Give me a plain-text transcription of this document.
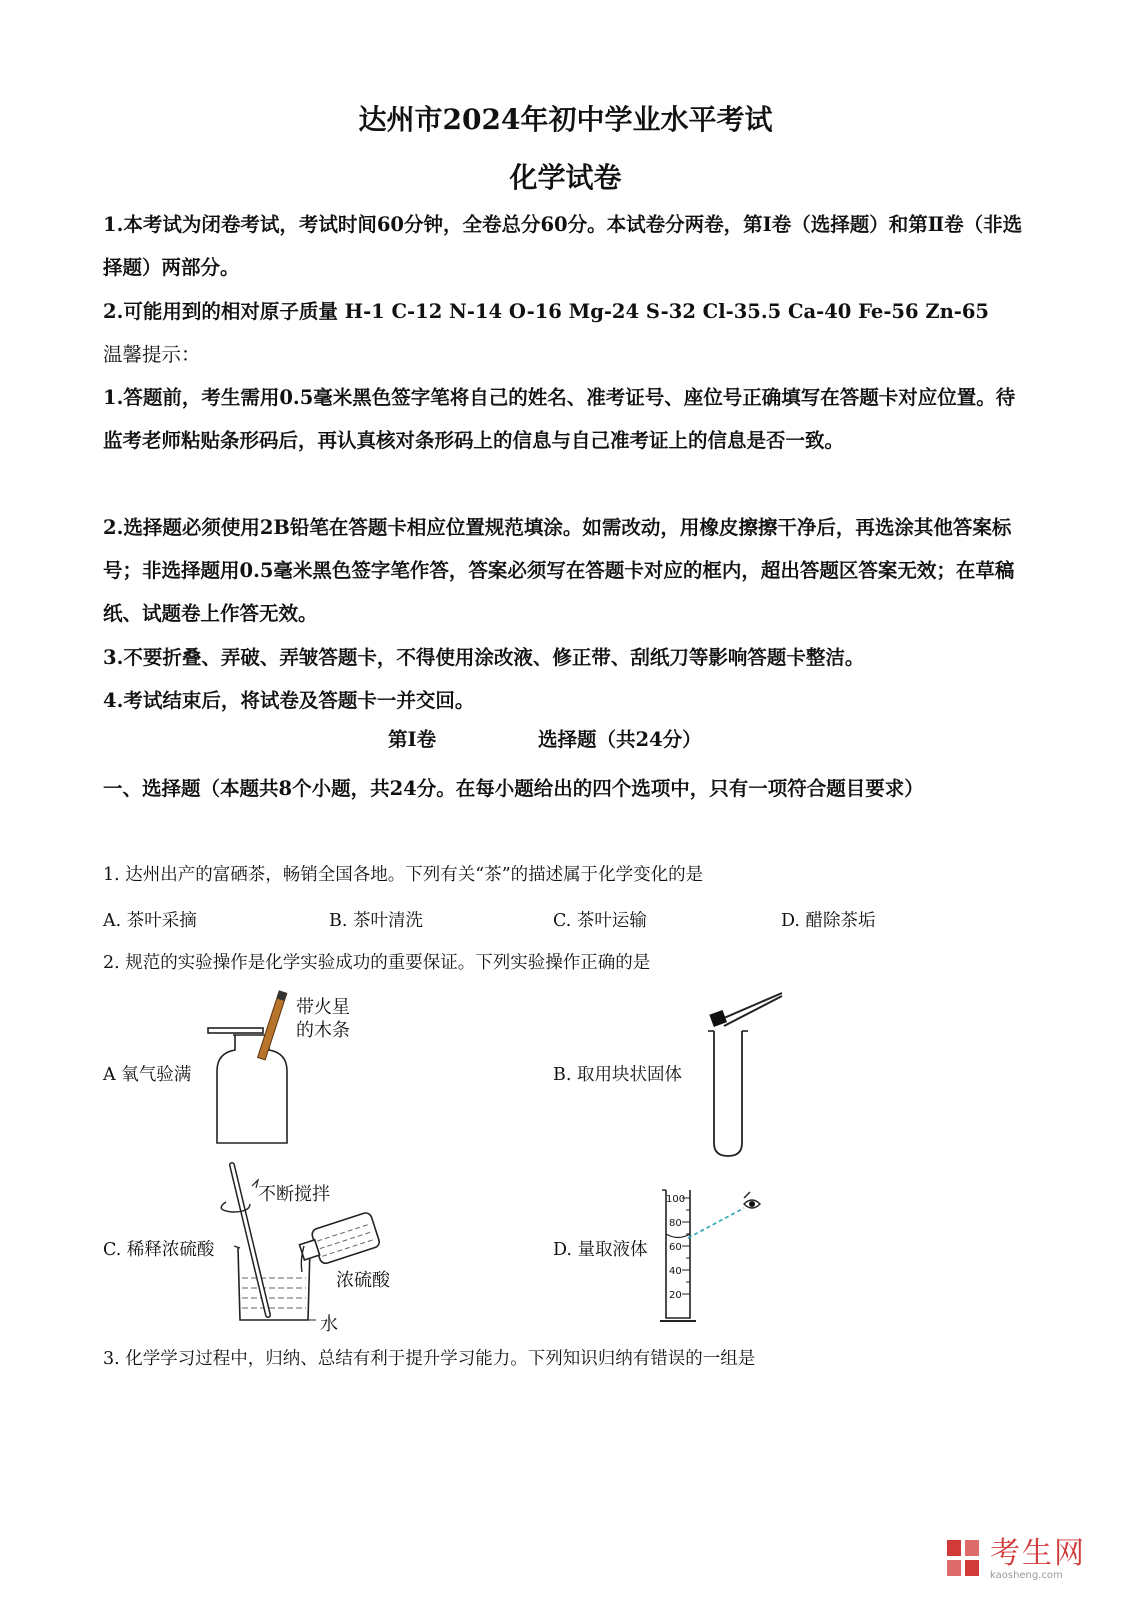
达州市2024年初中学业水平考试
化学试卷
1.本考试为闭卷考试，考试时间60分钟，全卷总分60分。本试卷分两卷，第I卷（选择题）和第Ⅱ卷（非选择题）两部分。
2.可能用到的相对原子质量 H-1 C-12 N-14 O-16 Mg-24 S-32 Cl-35.5 Ca-40 Fe-56 Zn-65
温馨提示：
1.答题前，考生需用0.5毫米黑色签字笔将自己的姓名、准考证号、座位号正确填写在答题卡对应位置。待监考老师粘贴条形码后，再认真核对条形码上的信息与自己准考证上的信息是否一致。
2.选择题必须使用2B铅笔在答题卡相应位置规范填涂。如需改动，用橡皮擦擦干净后，再选涂其他答案标号；非选择题用0.5毫米黑色签字笔作答，答案必须写在答题卡对应的框内，超出答题区答案无效；在草稿纸、试题卷上作答无效。
3.不要折叠、弄破、弄皱答题卡，不得使用涂改液、修正带、刮纸刀等影响答题卡整洁。
4.考试结束后，将试卷及答题卡一并交回。
第I卷	选择题（共24分）
一、选择题（本题共8个小题，共24分。在每小题给出的四个选项中，只有一项符合题目要求）
1. 达州出产的富硒茶，畅销全国各地。下列有关“茶”的描述属于化学变化的是
A. 茶叶采摘	B. 茶叶清洗	C. 茶叶运输	D. 醋除茶垢
2. 规范的实验操作是化学实验成功的重要保证。下列实验操作正确的是
A 氧气验满	B. 取用块状固体
C. 稀释浓硫酸	D. 量取液体
带火星的木条
不断搅拌
浓硫酸
水
100
80
60
40
20
3. 化学学习过程中，归纳、总结有利于提升学习能力。下列知识归纳有错误的一组是

考生网
kaosheng.com
